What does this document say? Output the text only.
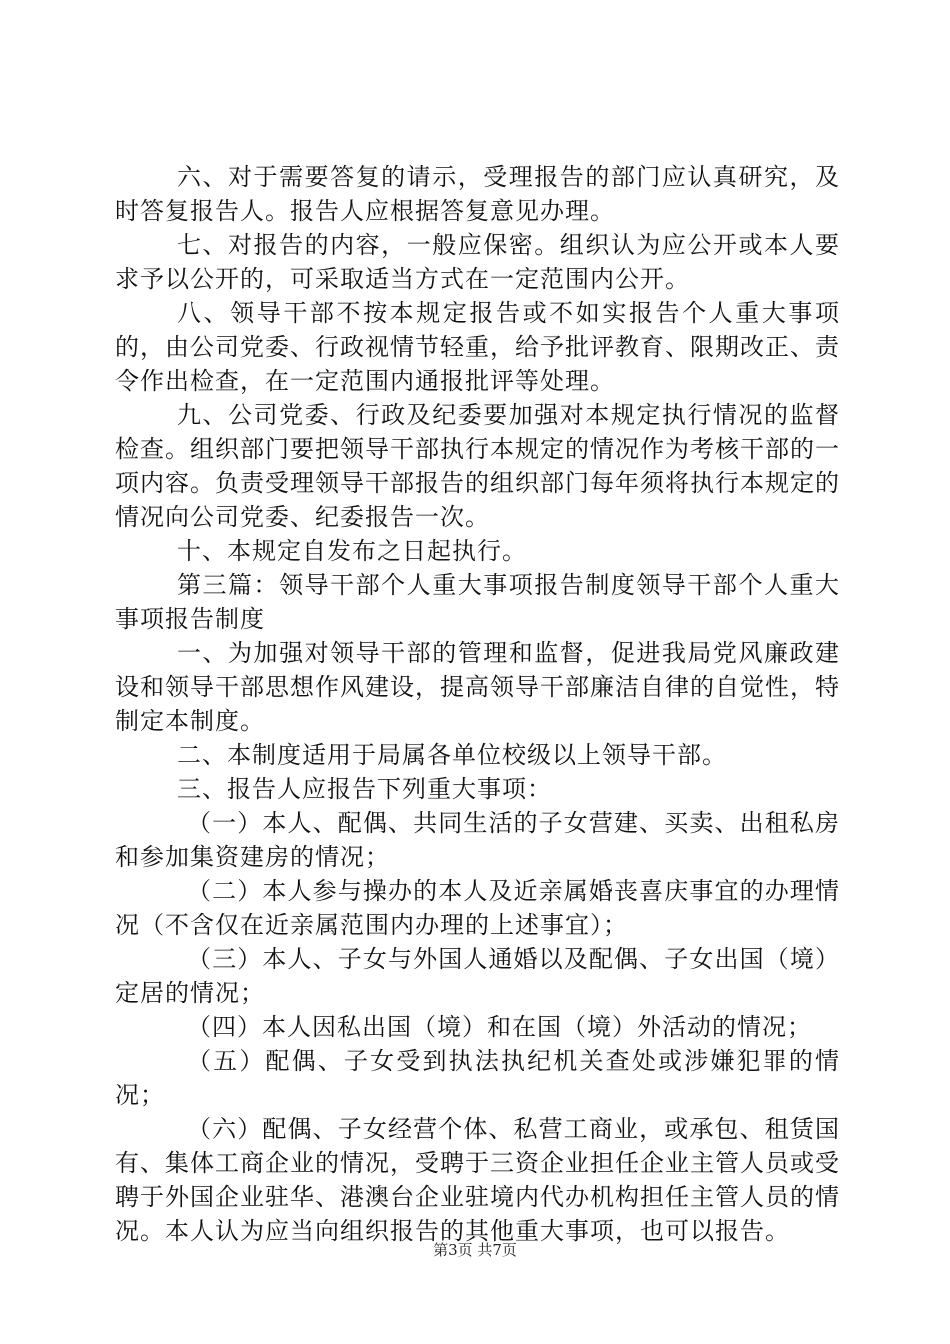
六、对于需要答复的请示，受理报告的部门应认真研究，及时答复报告人。报告人应根据答复意见办理。

七、对报告的内容，一般应保密。组织认为应公开或本人要求予以公开的，可采取适当方式在一定范围内公开。

八、领导干部不按本规定报告或不如实报告个人重大事项的，由公司党委、行政视情节轻重，给予批评教育、限期改正、责令作出检查，在一定范围内通报批评等处理。

九、公司党委、行政及纪委要加强对本规定执行情况的监督检查。组织部门要把领导干部执行本规定的情况作为考核干部的一项内容。负责受理领导干部报告的组织部门每年须将执行本规定的情况向公司党委、纪委报告一次。

十、本规定自发布之日起执行。

第三篇：领导干部个人重大事项报告制度领导干部个人重大事项报告制度

一、为加强对领导干部的管理和监督，促进我局党风廉政建设和领导干部思想作风建设，提高领导干部廉洁自律的自觉性，特制定本制度。

二、本制度适用于局属各单位校级以上领导干部。

三、报告人应报告下列重大事项：

（一）本人、配偶、共同生活的子女营建、买卖、出租私房和参加集资建房的情况；

（二）本人参与操办的本人及近亲属婚丧喜庆事宜的办理情况（不含仅在近亲属范围内办理的上述事宜）；

（三）本人、子女与外国人通婚以及配偶、子女出国（境）定居的情况；

（四）本人因私出国（境）和在国（境）外活动的情况；

（五）配偶、子女受到执法执纪机关查处或涉嫌犯罪的情况；

（六）配偶、子女经营个体、私营工商业，或承包、租赁国有、集体工商企业的情况，受聘于三资企业担任企业主管人员或受聘于外国企业驻华、港澳台企业驻境内代办机构担任主管人员的情况。本人认为应当向组织报告的其他重大事项，也可以报告。

第3页 共7页
